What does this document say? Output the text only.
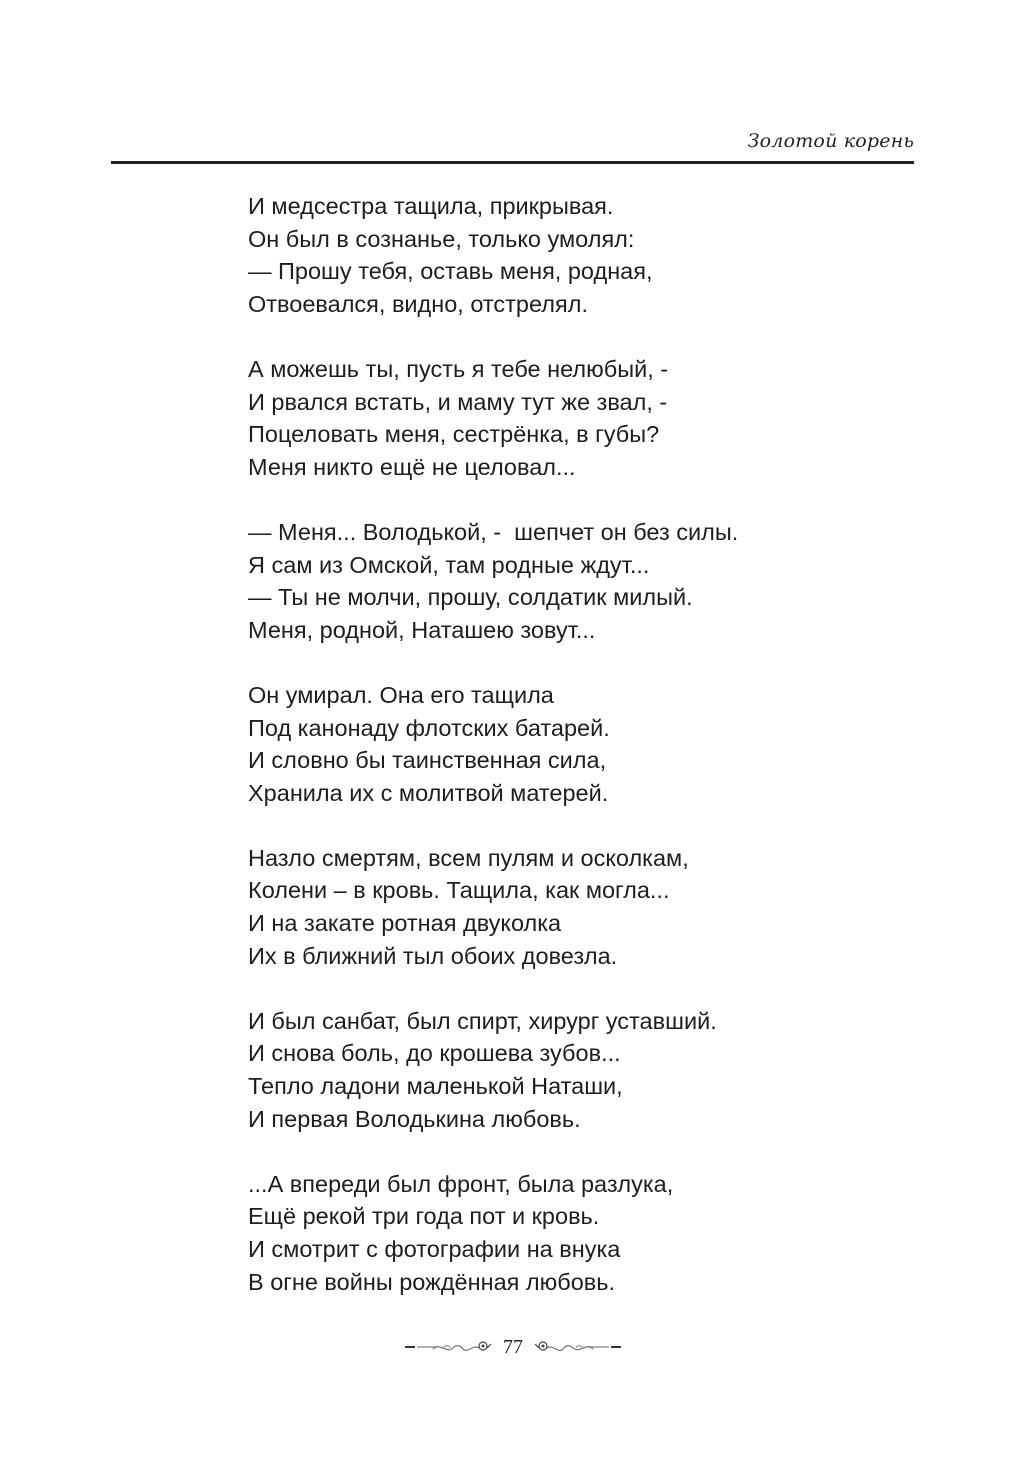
Золотой корень
И медсестра тащила, прикрывая.
Он был в сознанье, только умолял:
— Прошу тебя, оставь меня, родная,
Отвоевался, видно, отстрелял.
А можешь ты, пусть я тебе нелюбый, -
И рвался встать, и маму тут же звал, -
Поцеловать меня, сестрёнка, в губы?
Меня никто ещё не целовал...
— Меня... Володькой, -  шепчет он без силы.
Я сам из Омской, там родные ждут...
— Ты не молчи, прошу, солдатик милый.
Меня, родной, Наташею зовут...
Он умирал. Она его тащила
Под канонаду флотских батарей.
И словно бы таинственная сила,
Хранила их с молитвой матерей.
Назло смертям, всем пулям и осколкам,
Колени – в кровь. Тащила, как могла...
И на закате ротная двуколка
Их в ближний тыл обоих довезла.
И был санбат, был спирт, хирург уставший.
И снова боль, до крошева зубов...
Тепло ладони маленькой Наташи,
И первая Володькина любовь.
...А впереди был фронт, была разлука,
Ещё рекой три года пот и кровь.
И смотрит с фотографии на внука
В огне войны рождённая любовь.
77
